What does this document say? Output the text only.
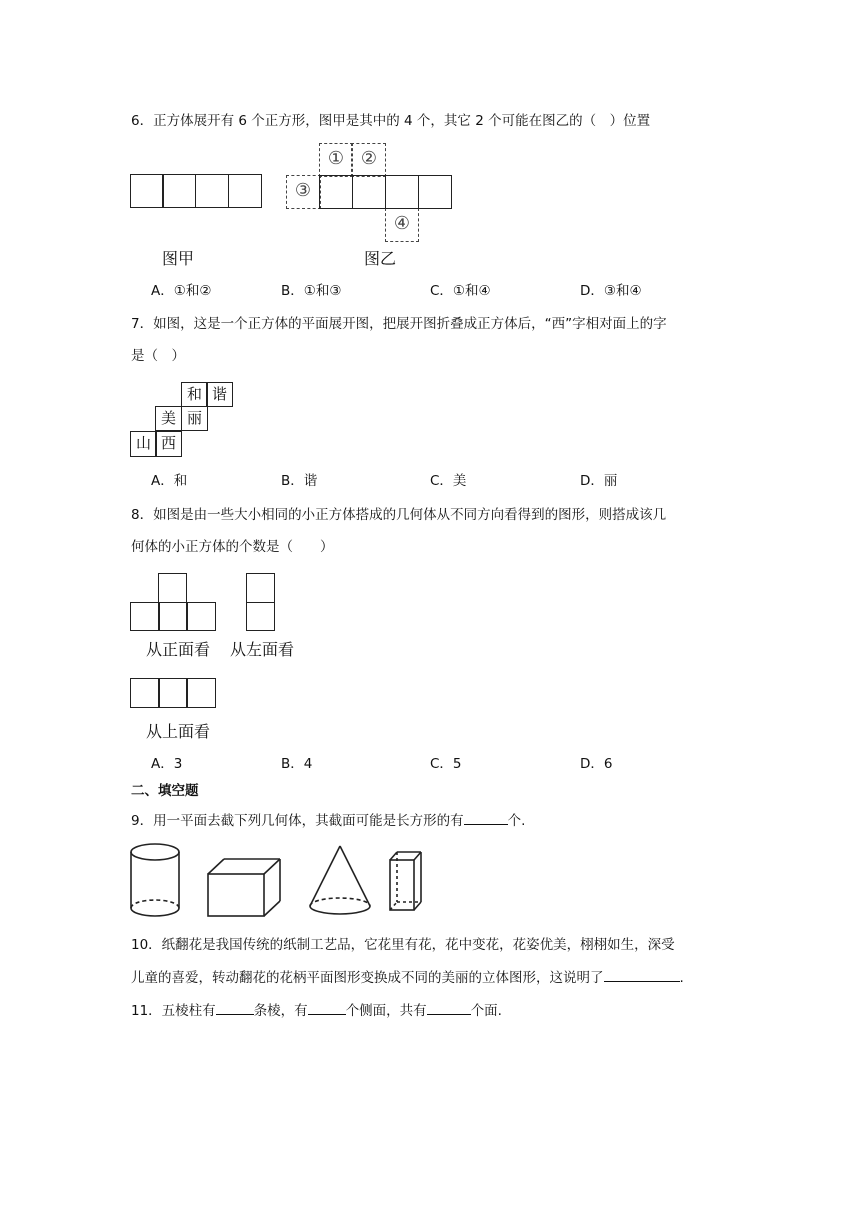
6．正方体展开有 6 个正方形，图甲是其中的 4 个，其它 2 个可能在图乙的（　）位置
图甲
① ②
③
④
图乙
A．①和②	B．①和③	C．①和④	D．③和④
7．如图，这是一个正方体的平面展开图，把展开图折叠成正方体后，“西”字相对面上的字
是（　）
和 谐
美 丽
山 西
A．和	B．谐	C．美	D．丽
8．如图是由一些大小相同的小正方体搭成的几何体从不同方向看得到的图形，则搭成该几
何体的小正方体的个数是（　　）
从正面看 从左面看
从上面看
A．3	B．4	C．5	D．6
二、填空题
9．用一平面去截下列几何体，其截面可能是长方形的有	个.
10．纸翻花是我国传统的纸制工艺品，它花里有花，花中变花，花姿优美，栩栩如生，深受
儿童的喜爱，转动翻花的花柄平面图形变换成不同的美丽的立体图形，这说明了	.
11．五棱柱有	条棱，有	个侧面，共有	个面.
